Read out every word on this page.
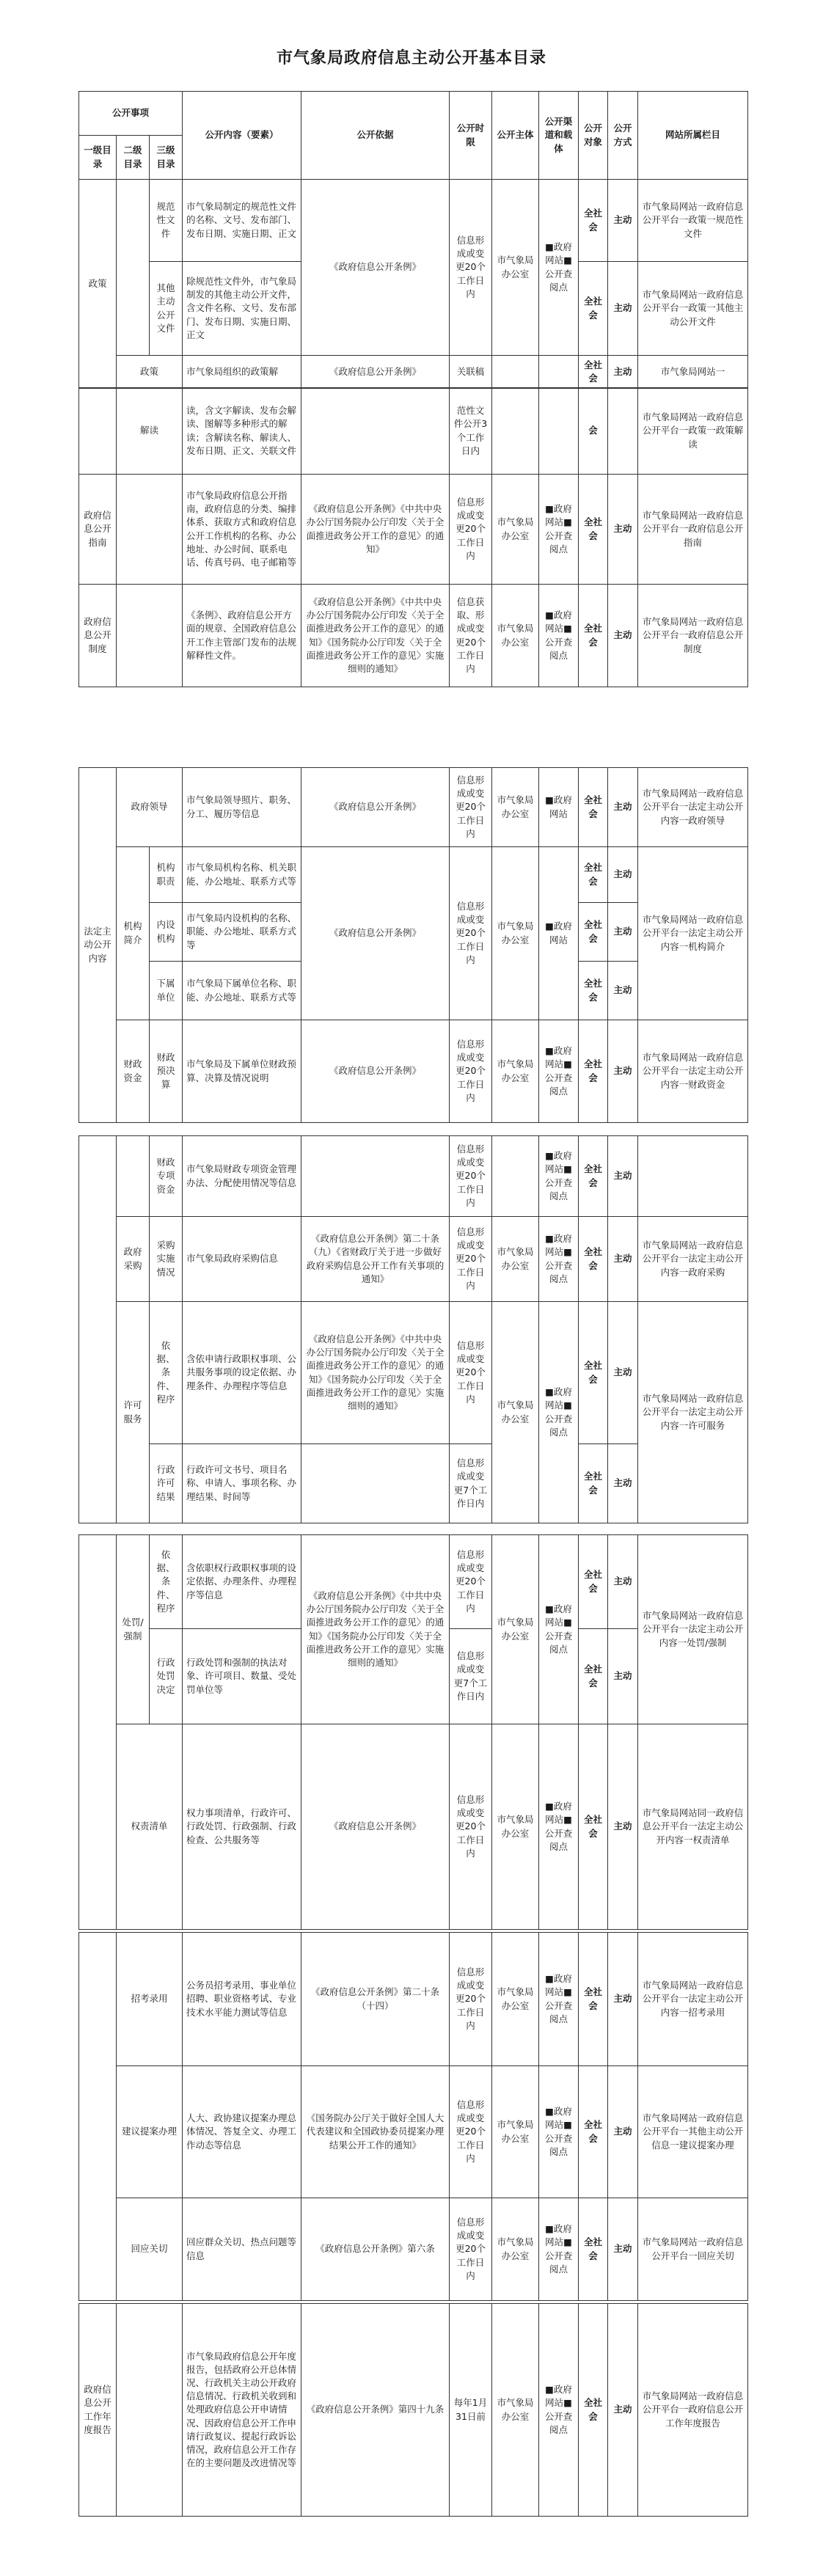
市气象局政府信息主动公开基本目录
公开事项			公开内容（要素）	公开依据	公开时限	公开主体	公开渠道和载体	公开对象	公开方式	网站所属栏目
一级目录	二级目录	三级目录								
政策		规范性文件	市气象局制定的规范性文件的名称、文号、发布部门、发布日期、实施日期、正文	《政府信息公开条例》	信息形成或变更20个工作日内	市气象局办公室	■政府网站■公开查阅点	全社会	主动	市气象局网站一政府信息公开平台一政策一规范性文件
		其他主动公开文件	除规范性文件外，市气象局制发的其他主动公开文件，含文件名称、文号、发布部门、发布日期、实施日期、正文					全社会	主动	市气象局网站一政府信息公开平台一政策一其他主动公开文件
	政策		市气象局组织的政策解	《政府信息公开条例》	关联稿			全社会	主动	市气象局网站一
	解读	读，含文字解读、发布会解读、图解等多种形式的解读；含解读名称、解读人、发布日期、正文、关联文件		范性文件公开3个工作日内			会		市气象局网站一政府信息公开平台一政策一政策解读
政府信息公开指南		市气象局政府信息公开指南，政府信息的分类、编排体系、获取方式和政府信息公开工作机构的名称、办公地址、办公时间、联系电话、传真号码、电子邮箱等	《政府信息公开条例》《中共中央办公厅国务院办公厅印发〈关于全面推进政务公开工作的意见〉的通知》	信息形成或变更20个工作日内	市气象局办公室	■政府网站■公开查阅点	全社会	主动	市气象局网站一政府信息公开平台一政府信息公开指南
政府信息公开制度		《条例》、政府信息公开方面的规章、全国政府信息公开工作主管部门发布的法规解释性文件。	《政府信息公开条例》《中共中央办公厅国务院办公厅印发〈关于全面推进政务公开工作的意见〉的通知》《国务院办公厅印发〈关于全面推进政务公开工作的意见〉实施细则的通知》	信息获取、形成或变更20个工作日内	市气象局办公室	■政府网站■公开查阅点	全社会	主动	市气象局网站一政府信息公开平台一政府信息公开制度
法定主动公开内容	政府领导		市气象局领导照片、职务、分工、履历等信息	《政府信息公开条例》	信息形成或变更20个工作日内	市气象局办公室	■政府网站	全社会	主动	市气象局网站一政府信息公开平台一法定主动公开内容一政府领导
	机构简介	机构职责	市气象局机构名称、机关职能、办公地址、联系方式等	《政府信息公开条例》	信息形成或变更20个工作日内	市气象局办公室	■政府网站	全社会	主动	市气象局网站一政府信息公开平台一法定主动公开内容一机构简介
		内设机构	市气象局内设机构的名称、职能、办公地址、联系方式等					全社会	主动	
		下属单位	市气象局下属单位名称、职能、办公地址、联系方式等					全社会	主动	
	财政资金	财政预决算	市气象局及下属单位财政预算、决算及情况说明	《政府信息公开条例》	信息形成或变更20个工作日内	市气象局办公室	■政府网站■公开查阅点	全社会	主动	市气象局网站一政府信息公开平台一法定主动公开内容一财政资金
		财政专项资金	市气象局财政专项资金管理办法、分配使用情况等信息		信息形成或变更20个工作日内		■政府网站■公开查阅点	全社会	主动	
	政府采购	采购实施情况	市气象局政府采购信息	《政府信息公开条例》第二十条（九）《省财政厅关于进一步做好政府采购信息公开工作有关事项的通知》	信息形成或变更20个工作日内	市气象局办公室	■政府网站■公开查阅点	全社会	主动	市气象局网站一政府信息公开平台一法定主动公开内容一政府采购
	许可服务	依据、条件、程序	含依申请行政职权事项、公共服务事项的设定依据、办理条件、办理程序等信息	《政府信息公开条例》《中共中央办公厅国务院办公厅印发〈关于全面推进政务公开工作的意见〉的通知》《国务院办公厅印发〈关于全面推进政务公开工作的意见〉实施细则的通知》	信息形成或变更20个工作日内	市气象局办公室	■政府网站■公开查阅点	全社会	主动	市气象局网站一政府信息公开平台一法定主动公开内容一许可服务
		行政许可结果	行政许可文书号、项目名称、申请人、事项名称、办理结果、时间等		信息形成或变更7个工作日内			全社会	主动	
	处罚/强制	依据、条件、程序	含依职权行政职权事项的设定依据、办理条件、办理程序等信息	《政府信息公开条例》《中共中央办公厅国务院办公厅印发〈关于全面推进政务公开工作的意见〉的通知》《国务院办公厅印发〈关于全面推进政务公开工作的意见〉实施细则的通知》	信息形成或变更20个工作日内	市气象局办公室	■政府网站■公开查阅点	全社会	主动	市气象局网站一政府信息公开平台一法定主动公开内容一处罚/强制
		行政处罚决定	行政处罚和强制的执法对象、许可项目、数量、受处罚单位等		信息形成或变更7个工作日内			全社会	主动	
	权责清单		权力事项清单，行政许可、行政处罚、行政强制、行政检查、公共服务等	《政府信息公开条例》	信息形成或变更20个工作日内	市气象局办公室	■政府网站■公开查阅点	全社会	主动	市气象局网站同一政府信息公开平台一法定主动公开内容一权责清单
	招考录用	公务员招考录用、事业单位招聘、职业资格考试、专业技术水平能力测试等信息	《政府信息公开条例》第二十条（十四）	信息形成或变更20个工作日内	市气象局办公室	■政府网站■公开查阅点	全社会	主动	市气象局网站一政府信息公开平台一法定主动公开内容一招考录用
	建议提案办理	人大、政协建议提案办理总体情况、答复全文、办理工作动态等信息	《国务院办公厅关于做好全国人大代表建议和全国政协委员提案办理结果公开工作的通知》	信息形成或变更20个工作日内	市气象局办公室	■政府网站■公开查阅点	全社会	主动	市气象局网站一政府信息公开平台一其他主动公开信息一建议提案办理
	回应关切	回应群众关切、热点问题等信息	《政府信息公开条例》第六条	信息形成或变更20个工作日内	市气象局办公室	■政府网站■公开查阅点	全社会	主动	市气象局网站一政府信息公开平台一回应关切
政府信息公开工作年度报告		市气象局政府信息公开年度报告，包括政府公开总体情况、行政机关主动公开政府信息情况、行政机关收到和处理政府信息公开申请情况、因政府信息公开工作申请行政复议、提起行政诉讼情况，政府信息公开工作存在的主要问题及改进情况等	《政府信息公开条例》第四十九条	每年1月31日前	市气象局办公室	■政府网站■公开查阅点	全社会	主动	市气象局网站一政府信息公开平台一政府信息公开工作年度报告
